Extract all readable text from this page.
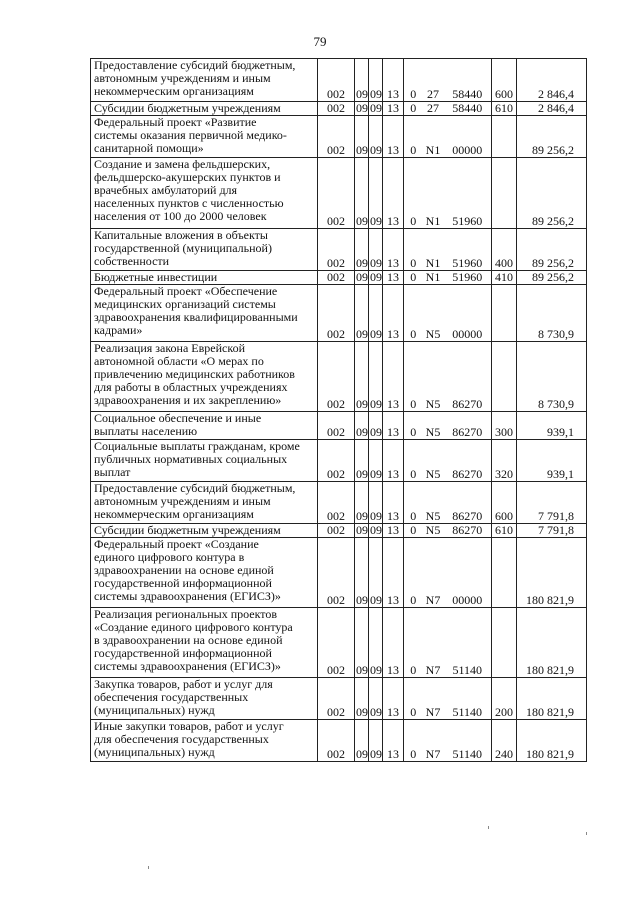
79
Предоставление субсидий бюджетным,
автономным учреждениям и иным
некоммерческим организациям	002	09	09	13	0	27	58440	600	2 846,4
Субсидии бюджетным учреждениям	002	09	09	13	0	27	58440	610	2 846,4
Федеральный проект «Развитие
системы оказания первичной медико-
санитарной помощи»	002	09	09	13	0	N1	00000		89 256,2
Создание и замена фельдшерских,
фельдшерско-акушерских пунктов и
врачебных амбулаторий для
населенных пунктов с численностью
населения от 100 до 2000 человек	002	09	09	13	0	N1	51960		89 256,2
Капитальные вложения в объекты
государственной (муниципальной)
собственности	002	09	09	13	0	N1	51960	400	89 256,2
Бюджетные инвестиции	002	09	09	13	0	N1	51960	410	89 256,2
Федеральный проект «Обеспечение
медицинских организаций системы
здравоохранения квалифицированными
кадрами»	002	09	09	13	0	N5	00000		8 730,9
Реализация закона Еврейской
автономной области «О мерах по
привлечению медицинских работников
для работы в областных учреждениях
здравоохранения и их закреплению»	002	09	09	13	0	N5	86270		8 730,9
Социальное обеспечение и иные
выплаты населению	002	09	09	13	0	N5	86270	300	939,1
Социальные выплаты гражданам, кроме
публичных нормативных социальных
выплат	002	09	09	13	0	N5	86270	320	939,1
Предоставление субсидий бюджетным,
автономным учреждениям и иным
некоммерческим организациям	002	09	09	13	0	N5	86270	600	7 791,8
Субсидии бюджетным учреждениям	002	09	09	13	0	N5	86270	610	7 791,8
Федеральный проект «Создание
единого цифрового контура в
здравоохранении на основе единой
государственной информационной
системы здравоохранения (ЕГИСЗ)»	002	09	09	13	0	N7	00000		180 821,9
Реализация региональных проектов
«Создание единого цифрового контура
в здравоохранении на основе единой
государственной информационной
системы здравоохранения (ЕГИСЗ)»	002	09	09	13	0	N7	51140		180 821,9
Закупка товаров, работ и услуг для
обеспечения государственных
(муниципальных) нужд	002	09	09	13	0	N7	51140	200	180 821,9
Иные закупки товаров, работ и услуг
для обеспечения государственных
(муниципальных) нужд	002	09	09	13	0	N7	51140	240	180 821,9
